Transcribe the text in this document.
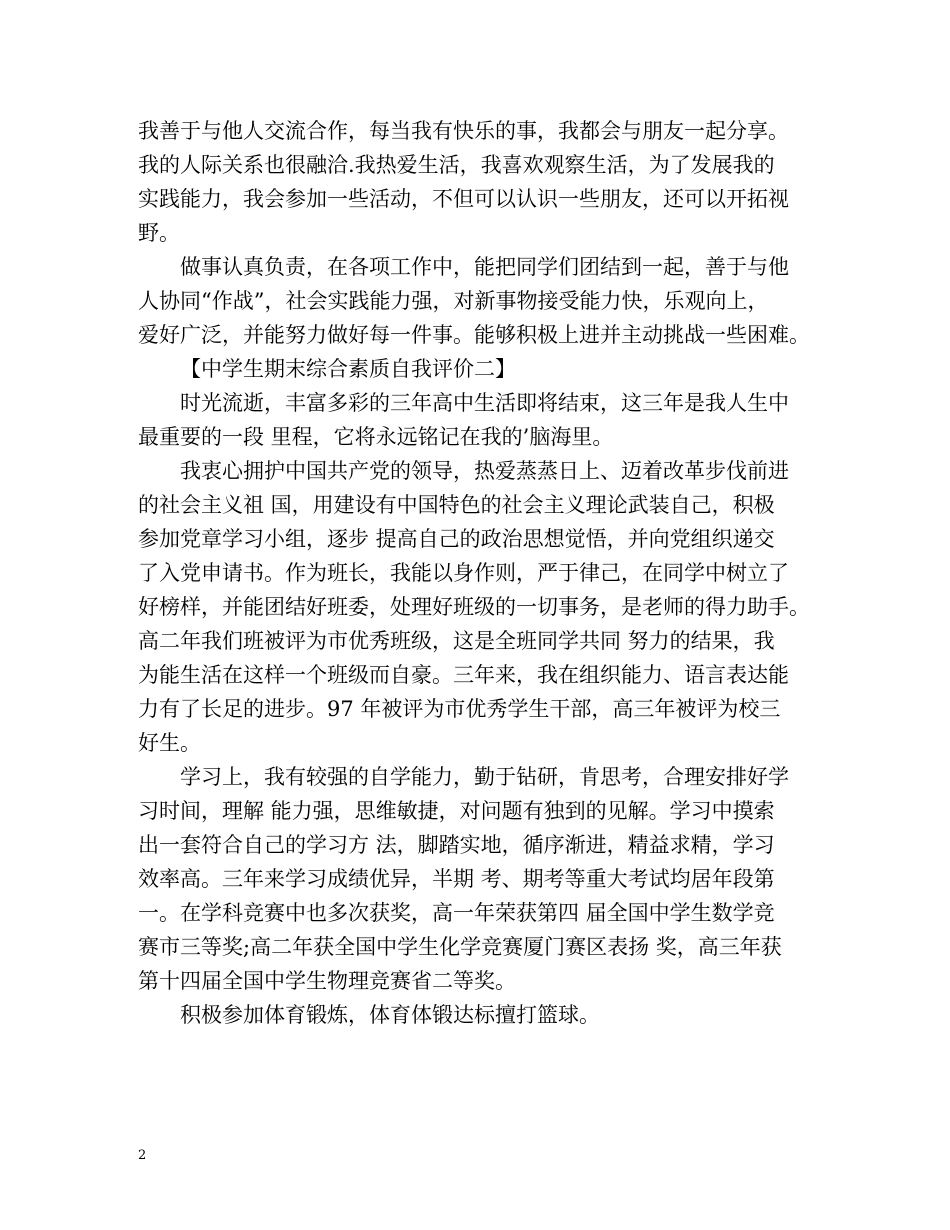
我善于与他人交流合作，每当我有快乐的事，我都会与朋友一起分享。
我的人际关系也很融洽.我热爱生活，我喜欢观察生活，为了发展我的
实践能力，我会参加一些活动，不但可以认识一些朋友，还可以开拓视
野。
做事认真负责，在各项工作中，能把同学们团结到一起，善于与他
人协同“作战”，社会实践能力强，对新事物接受能力快，乐观向上，
爱好广泛，并能努力做好每一件事。能够积极上进并主动挑战一些困难。
【中学生期末综合素质自我评价二】
时光流逝，丰富多彩的三年高中生活即将结束，这三年是我人生中
最重要的一段 里程，它将永远铭记在我的’脑海里。
我衷心拥护中国共产党的领导，热爱蒸蒸日上、迈着改革步伐前进
的社会主义祖 国，用建设有中国特色的社会主义理论武装自己，积极
参加党章学习小组，逐步 提高自己的政治思想觉悟，并向党组织递交
了入党申请书。作为班长，我能以身作则，严于律己，在同学中树立了
好榜样，并能团结好班委，处理好班级的一切事务，是老师的得力助手。
高二年我们班被评为市优秀班级，这是全班同学共同 努力的结果，我
为能生活在这样一个班级而自豪。三年来，我在组织能力、语言表达能
力有了长足的进步。97 年被评为市优秀学生干部，高三年被评为校三
好生。
学习上，我有较强的自学能力，勤于钻研，肯思考，合理安排好学
习时间，理解 能力强，思维敏捷，对问题有独到的见解。学习中摸索
出一套符合自己的学习方 法，脚踏实地，循序渐进，精益求精，学习
效率高。三年来学习成绩优异，半期 考、期考等重大考试均居年段第
一。在学科竞赛中也多次获奖，高一年荣获第四 届全国中学生数学竞
赛市三等奖;高二年获全国中学生化学竞赛厦门赛区表扬 奖，高三年获
第十四届全国中学生物理竞赛省二等奖。
积极参加体育锻炼，体育体锻达标擅打篮球。
2
